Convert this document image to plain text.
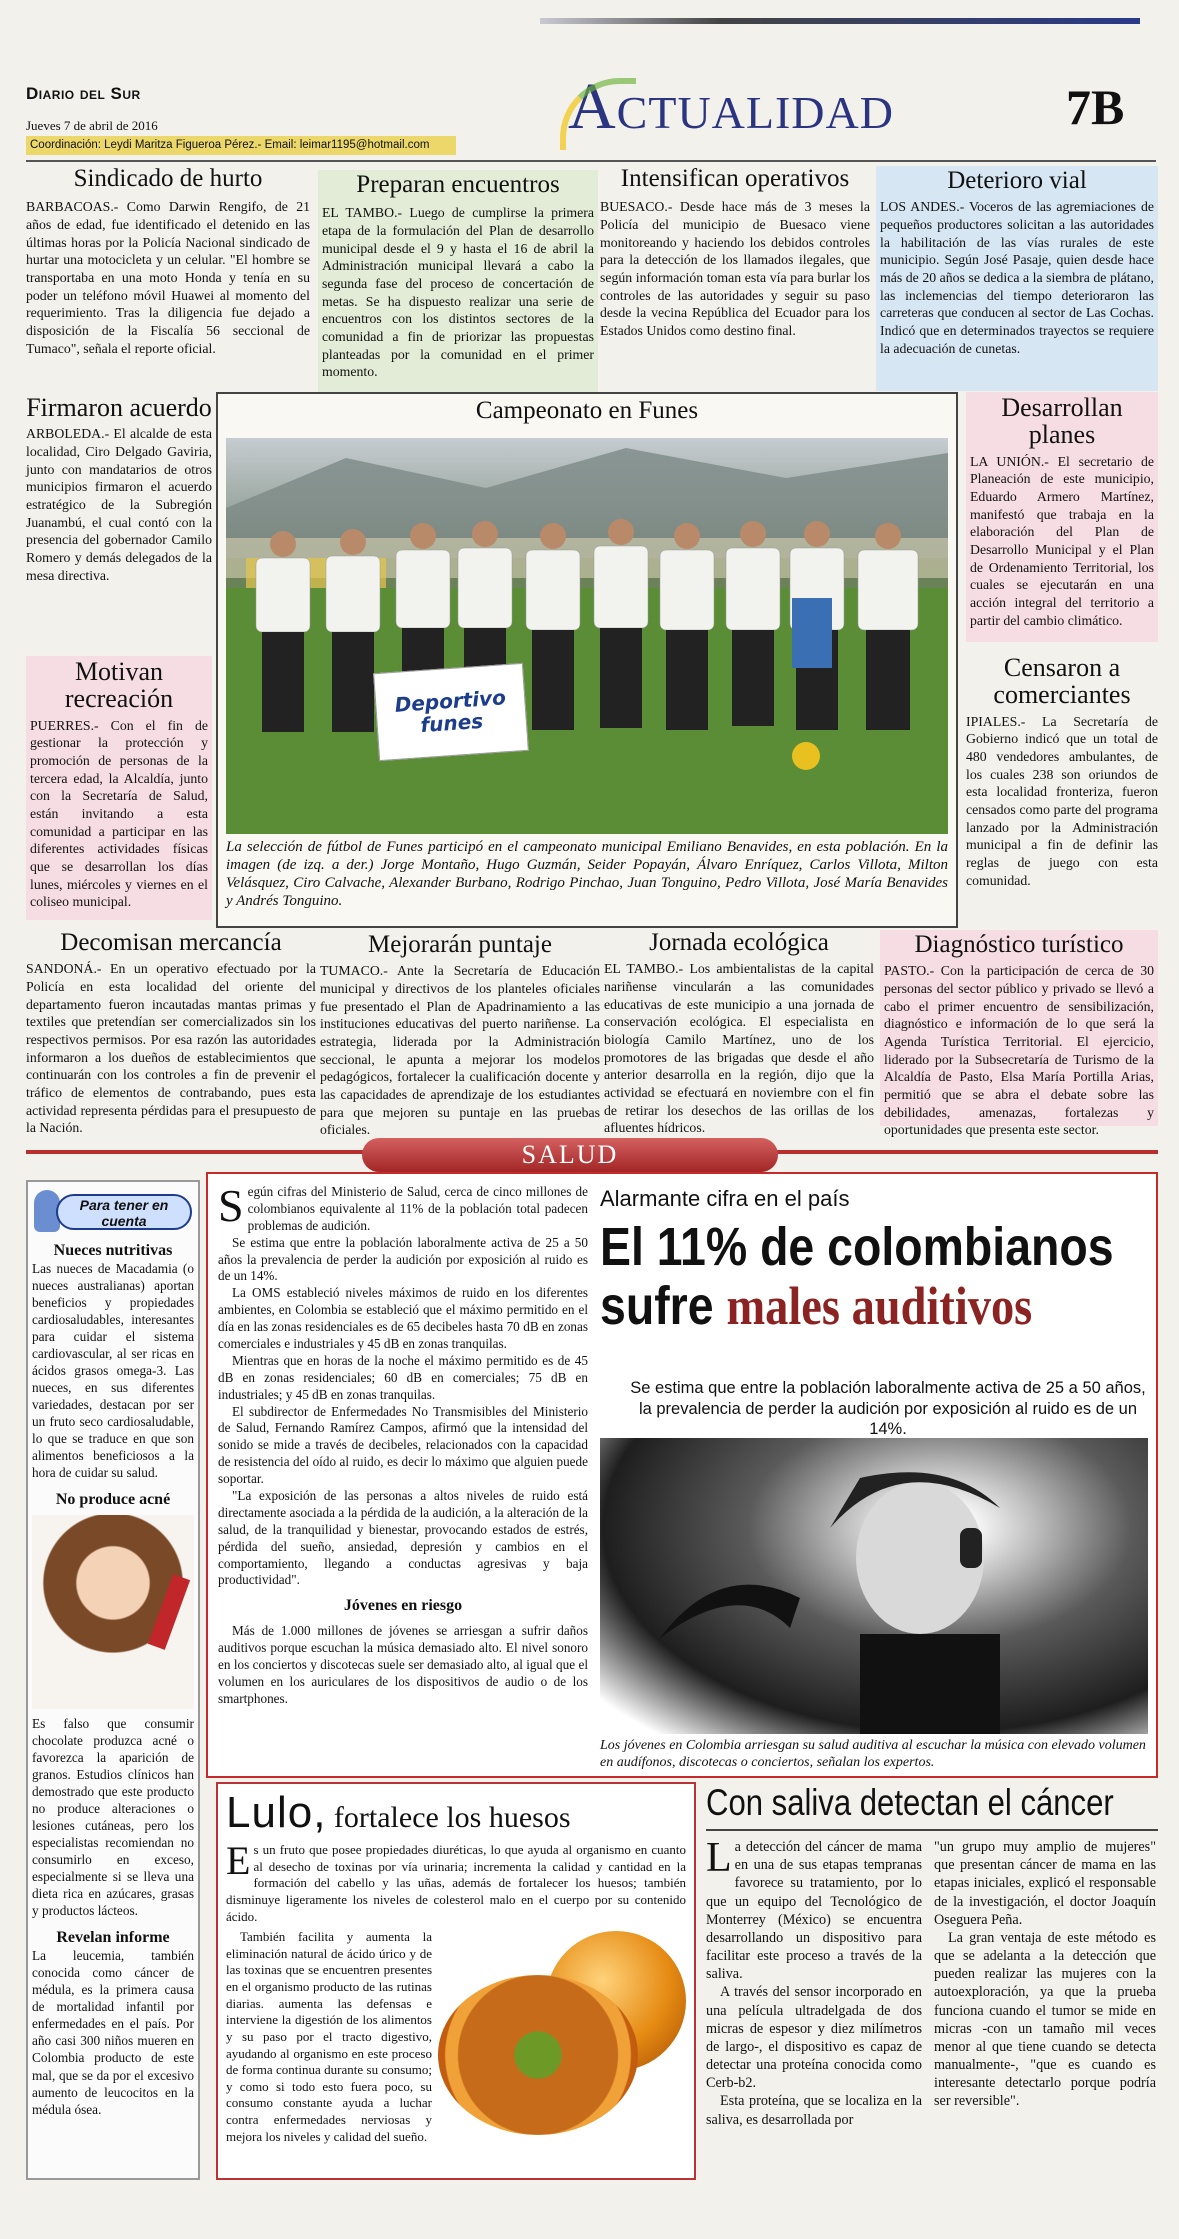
Diario del Sur
Jueves 7 de abril de 2016
Coordinación: Leydi Maritza Figueroa Pérez.- Email: leimar1195@hotmail.com
Actualidad	7B
Sindicado de hurto
BARBACOAS.- Como Darwin Rengifo, de 21 años de edad, fue identificado el detenido en las últimas horas por la Policía Nacional sindicado de hurtar una motocicleta y un celular. "El hombre se transportaba en una moto Honda y tenía en su poder un teléfono móvil Huawei al momento del requerimiento. Tras la diligencia fue dejado a disposición de la Fiscalía 56 seccional de Tumaco", señala el reporte oficial.
Preparan encuentros
EL TAMBO.- Luego de cumplirse la primera etapa de la formulación del Plan de desarrollo municipal desde el 9 y hasta el 16 de abril la Administración municipal llevará a cabo la segunda fase del proceso de concertación de metas. Se ha dispuesto realizar una serie de encuentros con los distintos sectores de la comunidad a fin de priorizar las propuestas planteadas por la comunidad en el primer momento.
Intensifican operativos
BUESACO.- Desde hace más de 3 meses la Policía del municipio de Buesaco viene monitoreando y haciendo los debidos controles para la detección de los llamados ilegales, que según información toman esta vía para burlar los controles de las autoridades y seguir su paso desde la vecina República del Ecuador para los Estados Unidos como destino final.
Deterioro vial
LOS ANDES.- Voceros de las agremiaciones de pequeños productores solicitan a las autoridades la habilitación de las vías rurales de este municipio. Según José Pasaje, quien desde hace más de 20 años se dedica a la siembra de plátano, las inclemencias del tiempo deterioraron las carreteras que conducen al sector de Las Cochas. Indicó que en determinados trayectos se requiere la adecuación de cunetas.
Firmaron acuerdo
ARBOLEDA.- El alcalde de esta localidad, Ciro Delgado Gaviria, junto con mandatarios de otros municipios firmaron el acuerdo estratégico de la Subregión Juanambú, el cual contó con la presencia del gobernador Camilo Romero y demás delegados de la mesa directiva.
Motivan recreación
PUERRES.- Con el fin de gestionar la protección y promoción de personas de la tercera edad, la Alcaldía, junto con la Secretaría de Salud, están invitando a esta comunidad a participar en las diferentes actividades físicas que se desarrollan los días lunes, miércoles y viernes en el coliseo municipal.
Campeonato en Funes
Deportivo funes
La selección de fútbol de Funes participó en el campeonato municipal Emiliano Benavides, en esta población. En la imagen (de izq. a der.) Jorge Montaño, Hugo Guzmán, Seider Popayán, Álvaro Enríquez, Carlos Villota, Milton Velásquez, Ciro Calvache, Alexander Burbano, Rodrigo Pinchao, Juan Tonguino, Pedro Villota, José María Benavides y Andrés Tonguino.
Desarrollan planes
LA UNIÓN.- El secretario de Planeación de este municipio, Eduardo Armero Martínez, manifestó que trabaja en la elaboración del Plan de Desarrollo Municipal y el Plan de Ordenamiento Territorial, los cuales se ejecutarán en una acción integral del territorio a partir del cambio climático.
Censaron a comerciantes
IPIALES.- La Secretaría de Gobierno indicó que un total de 480 vendedores ambulantes, de los cuales 238 son oriundos de esta localidad fronteriza, fueron censados como parte del programa lanzado por la Administración municipal a fin de definir las reglas de juego con esta comunidad.
Decomisan mercancía
SANDONÁ.- En un operativo efectuado por la Policía en esta localidad del oriente del departamento fueron incautadas mantas primas y textiles que pretendían ser comercializados sin los respectivos permisos. Por esa razón las autoridades informaron a los dueños de establecimientos que continuarán con los controles a fin de prevenir el tráfico de elementos de contrabando, pues esta actividad representa pérdidas para el presupuesto de la Nación.
Mejorarán puntaje
TUMACO.- Ante la Secretaría de Educación municipal y directivos de los planteles oficiales fue presentado el Plan de Apadrinamiento a las instituciones educativas del puerto nariñense. La estrategia, liderada por la Administración seccional, le apunta a mejorar los modelos pedagógicos, fortalecer la cualificación docente y las capacidades de aprendizaje de los estudiantes para que mejoren su puntaje en las pruebas oficiales.
Jornada ecológica
EL TAMBO.- Los ambientalistas de la capital nariñense vincularán a las comunidades educativas de este municipio a una jornada de conservación ecológica. El especialista en biología Camilo Martínez, uno de los promotores de las brigadas que desde el año anterior desarrolla en la región, dijo que la actividad se efectuará en noviembre con el fin de retirar los desechos de las orillas de los afluentes hídricos.
Diagnóstico turístico
PASTO.- Con la participación de cerca de 30 personas del sector público y privado se llevó a cabo el primer encuentro de sensibilización, diagnóstico e información de lo que será la Agenda Turística Territorial. El ejercicio, liderado por la Subsecretaría de Turismo de la Alcaldía de Pasto, Elsa María Portilla Arias, permitió que se abra el debate sobre las debilidades, amenazas, fortalezas y oportunidades que presenta este sector.
SALUD
Para tener en cuenta
Nueces nutritivas
Las nueces de Macadamia (o nueces australianas) aportan beneficios y propiedades cardiosaludables, interesantes para cuidar el sistema cardiovascular, al ser ricas en ácidos grasos omega-3. Las nueces, en sus diferentes variedades, destacan por ser un fruto seco cardiosaludable, lo que se traduce en que son alimentos beneficiosos a la hora de cuidar su salud.
No produce acné
Es falso que consumir chocolate produzca acné o favorezca la aparición de granos. Estudios clínicos han demostrado que este producto no produce alteraciones o lesiones cutáneas, pero los especialistas recomiendan no consumirlo en exceso, especialmente si se lleva una dieta rica en azúcares, grasas y productos lácteos.
Revelan informe
La leucemia, también conocida como cáncer de médula, es la primera causa de mortalidad infantil por enfermedades en el país. Por año casi 300 niños mueren en Colombia producto de este mal, que se da por el excesivo aumento de leucocitos en la médula ósea.
S egún cifras del Ministerio de Salud, cerca de cinco millones de colombianos equivalente al 11% de la población total padecen problemas de audición.
Se estima que entre la población laboralmente activa de 25 a 50 años la prevalencia de perder la audición por exposición al ruido es de un 14%.
La OMS estableció niveles máximos de ruido en los diferentes ambientes, en Colombia se estableció que el máximo permitido en el día en las zonas residenciales es de 65 decibeles hasta 70 dB en zonas comerciales e industriales y 45 dB en zonas tranquilas.
Mientras que en horas de la noche el máximo permitido es de 45 dB en zonas residenciales; 60 dB en comerciales; 75 dB en industriales; y 45 dB en zonas tranquilas.
El subdirector de Enfermedades No Transmisibles del Ministerio de Salud, Fernando Ramírez Campos, afirmó que la intensidad del sonido se mide a través de decibeles, relacionados con la capacidad de resistencia del oído al ruido, es decir lo máximo que alguien puede soportar.
"La exposición de las personas a altos niveles de ruido está directamente asociada a la pérdida de la audición, a la alteración de la salud, de la tranquilidad y bienestar, provocando estados de estrés, pérdida del sueño, ansiedad, depresión y cambios en el comportamiento, llegando a conductas agresivas y baja productividad".
Jóvenes en riesgo
Más de 1.000 millones de jóvenes se arriesgan a sufrir daños auditivos porque escuchan la música demasiado alto. El nivel sonoro en los conciertos y discotecas suele ser demasiado alto, al igual que el volumen en los auriculares de los dispositivos de audio o de los smartphones.
Alarmante cifra en el país
El 11% de colombianos
sufre males auditivos
Se estima que entre la población laboralmente activa de 25 a 50 años, la prevalencia de perder la audición por exposición al ruido es de un 14%.
Los jóvenes en Colombia arriesgan su salud auditiva al escuchar la música con elevado volumen en audífonos, discotecas o conciertos, señalan los expertos.
Lulo, fortalece los huesos
E s un fruto que posee propiedades diuréticas, lo que ayuda al organismo en cuanto al desecho de toxinas por vía urinaria; incrementa la calidad y cantidad en la formación del cabello y las uñas, además de fortalecer los huesos; también disminuye ligeramente los niveles de colesterol malo en el cuerpo por su contenido ácido.
También facilita y aumenta la eliminación natural de ácido úrico y de las toxinas que se encuentren presentes en el organismo producto de las rutinas diarias. aumenta las defensas e interviene la digestión de los alimentos y su paso por el tracto digestivo, ayudando al organismo en este proceso de forma continua durante su consumo; y como si todo esto fuera poco, su consumo constante ayuda a luchar contra enfermedades nerviosas y mejora los niveles y calidad del sueño.
Con saliva detectan el cáncer
L a detección del cáncer de mama en una de sus etapas tempranas favorece su tratamiento, por lo que un equipo del Tecnológico de Monterrey (México) se encuentra desarrollando un dispositivo para facilitar este proceso a través de la saliva.
A través del sensor incorporado en una película ultradelgada de dos micras de espesor y diez milímetros de largo-, el dispositivo es capaz de detectar una proteína conocida como Cerb-b2.
Esta proteína, que se localiza en la saliva, es desarrollada por
"un grupo muy amplio de mujeres" que presentan cáncer de mama en las etapas iniciales, explicó el responsable de la investigación, el doctor Joaquín Oseguera Peña.
La gran ventaja de este método es que se adelanta a la detección que pueden realizar las mujeres con la autoexploración, ya que la prueba funciona cuando el tumor se mide en micras -con un tamaño mil veces menor al que tiene cuando se detecta manualmente-, "que es cuando es interesante detectarlo porque podría ser reversible".
